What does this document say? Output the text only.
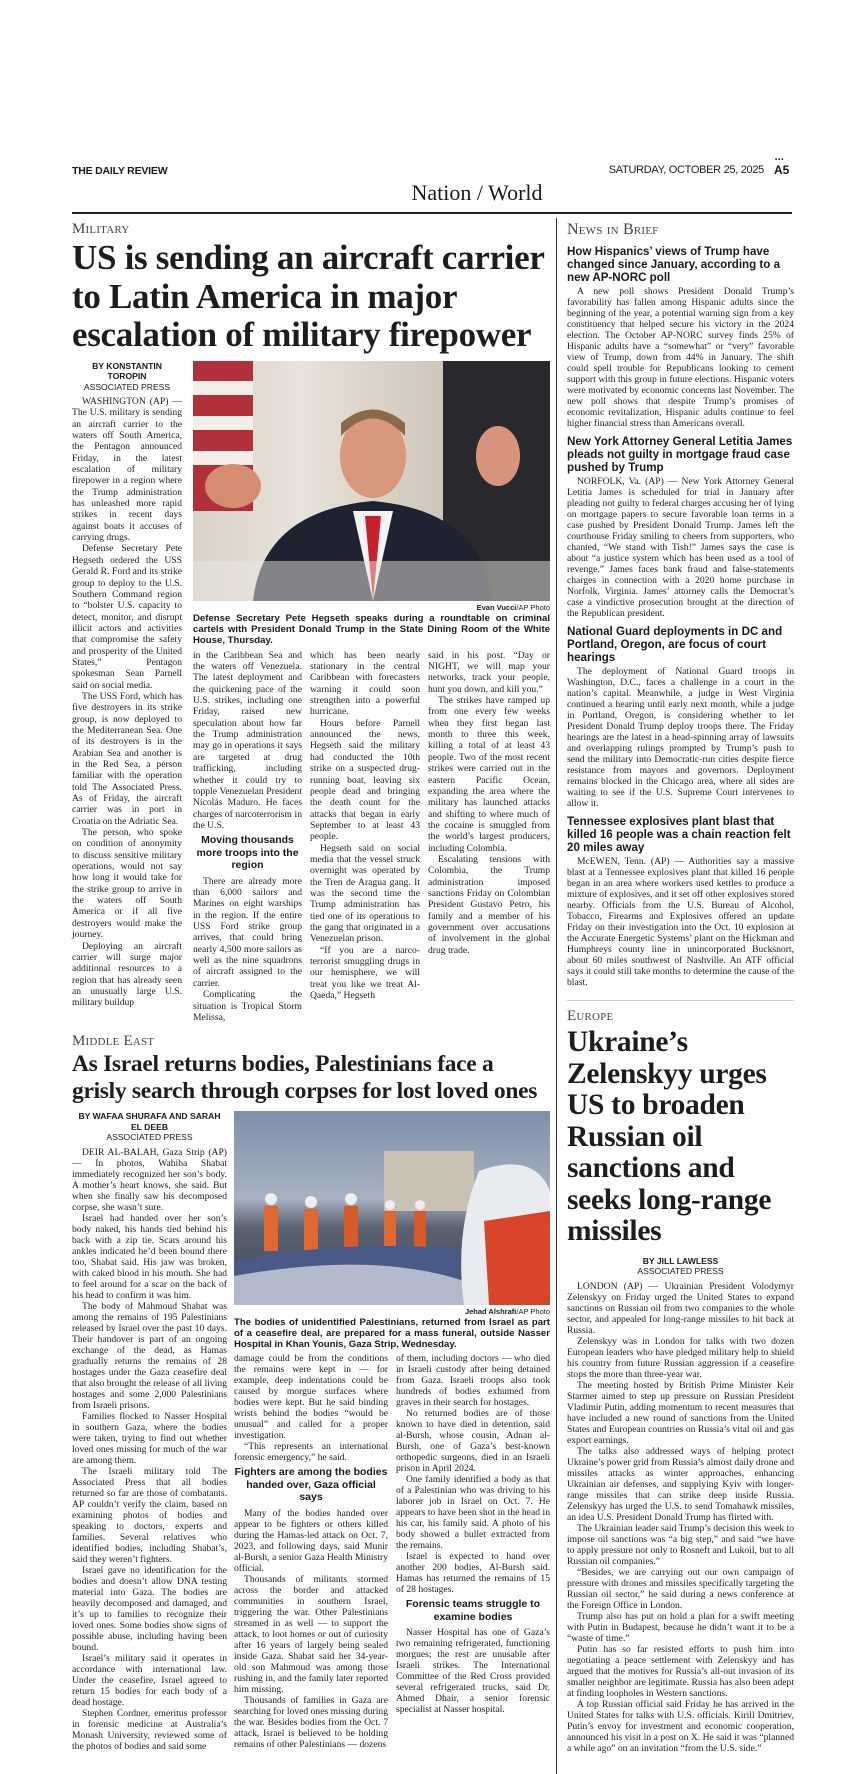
THE DAILY REVIEW	SATURDAY, OCTOBER 25, 2025
•••
A5
Nation / World
Military
US is sending an aircraft carrier to Latin America in major escalation of military firepower
BY KONSTANTIN TOROPIN
ASSOCIATED PRESS

WASHINGTON (AP) — The U.S. military is sending an aircraft carrier to the waters off South America, the Pentagon announced Friday, in the latest escalation of military firepower in a region where the Trump administration has unleashed more rapid strikes in recent days against boats it accuses of carrying drugs.

Defense Secretary Pete Hegseth ordered the USS Gerald R. Ford and its strike group to deploy to the U.S. Southern Command region to “bolster U.S. capacity to detect, monitor, and disrupt illicit actors and activities that compromise the safety and prosperity of the United States,” Pentagon spokesman Sean Parnell said on social media.

The USS Ford, which has five destroyers in its strike group, is now deployed to the Mediterranean Sea. One of its destroyers is in the Arabian Sea and another is in the Red Sea, a person familiar with the operation told The Associated Press. As of Friday, the aircraft carrier was in port in Croatia on the Adriatic Sea.

The person, who spoke on condition of anonymity to discuss sensitive military operations, would not say how long it would take for the strike group to arrive in the waters off South America or if all five destroyers would make the journey.

Deploying an aircraft carrier will surge major additional resources to a region that has already seen an unusually large U.S. military buildup

Evan Vucci/AP Photo
Defense Secretary Pete Hegseth speaks during a roundtable on criminal cartels with President Donald Trump in the State Dining Room of the White House, Thursday.

in the Caribbean Sea and the waters off Venezuela. The latest deployment and the quickening pace of the U.S. strikes, including one Friday, raised new speculation about how far the Trump administration may go in operations it says are targeted at drug trafficking, including whether it could try to topple Venezuelan President Nicolás Maduro. He faces charges of narcoterrorism in the U.S.

Moving thousands more troops into the region

There are already more than 6,000 sailors and Marines on eight warships in the region. If the entire USS Ford strike group arrives, that could bring nearly 4,500 more sailors as well as the nine squadrons of aircraft assigned to the carrier.

Complicating the situation is Tropical Storm Melissa,

which has been nearly stationary in the central Caribbean with forecasters warning it could soon strengthen into a powerful hurricane.

Hours before Parnell announced the news, Hegseth said the military had conducted the 10th strike on a suspected drug-running boat, leaving six people dead and bringing the death count for the attacks that began in early September to at least 43 people.

Hegseth said on social media that the vessel struck overnight was operated by the Tren de Aragua gang. It was the second time the Trump administration has tied one of its operations to the gang that originated in a Venezuelan prison.

“If you are a narco-terrorist smuggling drugs in our hemisphere, we will treat you like we treat Al-Qaeda,” Hegseth

said in his post. “Day or NIGHT, we will map your networks, track your people, hunt you down, and kill you.”

The strikes have ramped up from one every few weeks when they first began last month to three this week, killing a total of at least 43 people. Two of the most recent strikes were carried out in the eastern Pacific Ocean, expanding the area where the military has launched attacks and shifting to where much of the cocaine is smuggled from the world’s largest producers, including Colombia.

Escalating tensions with Colombia, the Trump administration imposed sanctions Friday on Colombian President Gustavo Petro, his family and a member of his government over accusations of involvement in the global drug trade.

Middle East
As Israel returns bodies, Palestinians face a grisly search through corpses for lost loved ones
BY WAFAA SHURAFA AND SARAH EL DEEB
ASSOCIATED PRESS

DEIR AL-BALAH, Gaza Strip (AP) — In photos, Wahiba Shabat immediately recognized her son’s body. A mother’s heart knows, she said. But when she finally saw his decomposed corpse, she wasn’t sure.

Israel had handed over her son’s body naked, his hands tied behind his back with a zip tie. Scars around his ankles indicated he’d been bound there too, Shabat said. His jaw was broken, with caked blood in his mouth. She had to feel around for a scar on the back of his head to confirm it was him.

The body of Mahmoud Shabat was among the remains of 195 Palestinians released by Israel over the past 10 days. Their handover is part of an ongoing exchange of the dead, as Hamas gradually returns the remains of 28 hostages under the Gaza ceasefire deal that also brought the release of all living hostages and some 2,000 Palestinians from Israeli prisons.

Families flocked to Nasser Hospital in southern Gaza, where the bodies were taken, trying to find out whether loved ones missing for much of the war are among them.

The Israeli military told The Associated Press that all bodies returned so far are those of combatants. AP couldn’t verify the claim, based on examining photos of bodies and speaking to doctors, experts and families. Several relatives who identified bodies, including Shabat’s, said they weren’t fighters.

Israel gave no identification for the bodies and doesn’t allow DNA testing material into Gaza. The bodies are heavily decomposed and damaged, and it’s up to families to recognize their loved ones. Some bodies show signs of possible abuse, including having been bound.

Israel’s military said it operates in accordance with international law. Under the ceasefire, Israel agreed to return 15 bodies for each body of a dead hostage.

Stephen Cordner, emeritus professor in forensic medicine at Australia’s Monash University, reviewed some of the photos of bodies and said some

Jehad Alshrafi/AP Photo
The bodies of unidentified Palestinians, returned from Israel as part of a ceasefire deal, are prepared for a mass funeral, outside Nasser Hospital in Khan Younis, Gaza Strip, Wednesday.

damage could be from the conditions the remains were kept in — for example, deep indentations could be caused by morgue surfaces where bodies were kept. But he said binding wrists behind the bodies “would be unusual” and called for a proper investigation.

“This represents an international forensic emergency,” he said.

Fighters are among the bodies handed over, Gaza official says

Many of the bodies handed over appear to be fighters or others killed during the Hamas-led attack on Oct. 7, 2023, and following days, said Munir al-Bursh, a senior Gaza Health Ministry official.

Thousands of militants stormed across the border and attacked communities in southern Israel, triggering the war. Other Palestinians streamed in as well — to support the attack, to loot homes or out of curiosity after 16 years of largely being sealed inside Gaza. Shabat said her 34-year-old son Mahmoud was among those rushing in, and the family later reported him missing.

Thousands of families in Gaza are searching for loved ones missing during the war. Besides bodies from the Oct. 7 attack, Israel is believed to be holding remains of other Palestinians — dozens

of them, including doctors — who died in Israeli custody after being detained from Gaza. Israeli troops also took hundreds of bodies exhumed from graves in their search for hostages.

No returned bodies are of those known to have died in detention, said al-Bursh, whose cousin, Adnan al-Bursh, one of Gaza’s best-known orthopedic surgeons, died in an Israeli prison in April 2024.

One family identified a body as that of a Palestinian who was driving to his laborer job in Israel on Oct. 7. He appears to have been shot in the head in his car, his family said. A photo of his body showed a bullet extracted from the remains.

Israel is expected to hand over another 200 bodies, Al-Bursh said. Hamas has returned the remains of 15 of 28 hostages.

Forensic teams struggle to examine bodies

Nasser Hospital has one of Gaza’s two remaining refrigerated, functioning morgues; the rest are unusable after Israeli strikes. The International Committee of the Red Cross provided several refrigerated trucks, said Dr. Ahmed Dhair, a senior forensic specialist at Nasser hospital.

News in Brief
How Hispanics’ views of Trump have changed since January, according to a new AP-NORC poll

A new poll shows President Donald Trump’s favorability has fallen among Hispanic adults since the beginning of the year, a potential warning sign from a key constituency that helped secure his victory in the 2024 election. The October AP-NORC survey finds 25% of Hispanic adults have a “somewhat” or “very” favorable view of Trump, down from 44% in January. The shift could spell trouble for Republicans looking to cement support with this group in future elections. Hispanic voters were motivated by economic concerns last November. The new poll shows that despite Trump’s promises of economic revitalization, Hispanic adults continue to feel higher financial stress than Americans overall.

New York Attorney General Letitia James pleads not guilty in mortgage fraud case pushed by Trump

NORFOLK, Va. (AP) — New York Attorney General Letitia James is scheduled for trial in January after pleading not guilty to federal charges accusing her of lying on mortgage papers to secure favorable loan terms in a case pushed by President Donald Trump. James left the courthouse Friday smiling to cheers from supporters, who chanted, “We stand with Tish!” James says the case is about “a justice system which has been used as a tool of revenge.” James faces bank fraud and false-statements charges in connection with a 2020 home purchase in Norfolk, Virginia. James’ attorney calls the Democrat’s case a vindictive prosecution brought at the direction of the Republican president.

National Guard deployments in DC and Portland, Oregon, are focus of court hearings

The deployment of National Guard troops in Washington, D.C., faces a challenge in a court in the nation’s capital. Meanwhile, a judge in West Virginia continued a hearing until early next month, while a judge in Portland, Oregon, is considering whether to let President Donald Trump deploy troops there. The Friday hearings are the latest in a head-spinning array of lawsuits and overlapping rulings prompted by Trump’s push to send the military into Democratic-run cities despite fierce resistance from mayors and governors. Deployment remains blocked in the Chicago area, where all sides are waiting to see if the U.S. Supreme Court intervenes to allow it.

Tennessee explosives plant blast that killed 16 people was a chain reaction felt 20 miles away

McEWEN, Tenn. (AP) — Authorities say a massive blast at a Tennessee explosives plant that killed 16 people began in an area where workers used kettles to produce a mixture of explosives, and it set off other explosives stored nearby. Officials from the U.S. Bureau of Alcohol, Tobacco, Firearms and Explosives offered an update Friday on their investigation into the Oct. 10 explosion at the Accurate Energetic Systems’ plant on the Hickman and Humphreys county line in unincorporated Bucksnort, about 60 miles southwest of Nashville. An ATF official says it could still take months to determine the cause of the blast.

Europe
Ukraine’s Zelenskyy urges US to broaden Russian oil sanctions and seeks long-range missiles
BY JILL LAWLESS
ASSOCIATED PRESS

LONDON (AP) — Ukrainian President Volodymyr Zelenskyy on Friday urged the United States to expand sanctions on Russian oil from two companies to the whole sector, and appealed for long-range missiles to hit back at Russia.

Zelenskyy was in London for talks with two dozen European leaders who have pledged military help to shield his country from future Russian aggression if a ceasefire stops the more than three-year war.

The meeting hosted by British Prime Minister Keir Starmer aimed to step up pressure on Russian President Vladimir Putin, adding momentum to recent measures that have included a new round of sanctions from the United States and European countries on Russia’s vital oil and gas export earnings.

The talks also addressed ways of helping protect Ukraine’s power grid from Russia’s almost daily drone and missiles attacks as winter approaches, enhancing Ukrainian air defenses, and supplying Kyiv with longer-range missiles that can strike deep inside Russia. Zelenskyy has urged the U.S. to send Tomahawk missiles, an idea U.S. President Donald Trump has flirted with.

The Ukrainian leader said Trump’s decision this week to impose oil sanctions was “a big step,” and said “we have to apply pressure not only to Rosneft and Lukoil, but to all Russian oil companies.”

“Besides, we are carrying out our own campaign of pressure with drones and missiles specifically targeting the Russian oil sector,” he said during a news conference at the Foreign Office in London.

Trump also has put on hold a plan for a swift meeting with Putin in Budapest, because he didn’t want it to be a “waste of time.”

Putin has so far resisted efforts to push him into negotiating a peace settlement with Zelenskyy and has argued that the motives for Russia’s all-out invasion of its smaller neighbor are legitimate. Russia has also been adept at finding loopholes in Western sanctions.

A top Russian official said Friday he has arrived in the United States for talks with U.S. officials. Kirill Dmitriev, Putin’s envoy for investment and economic cooperation, announced his visit in a post on X. He said it was “planned a while ago” on an invitation “from the U.S. side.”
